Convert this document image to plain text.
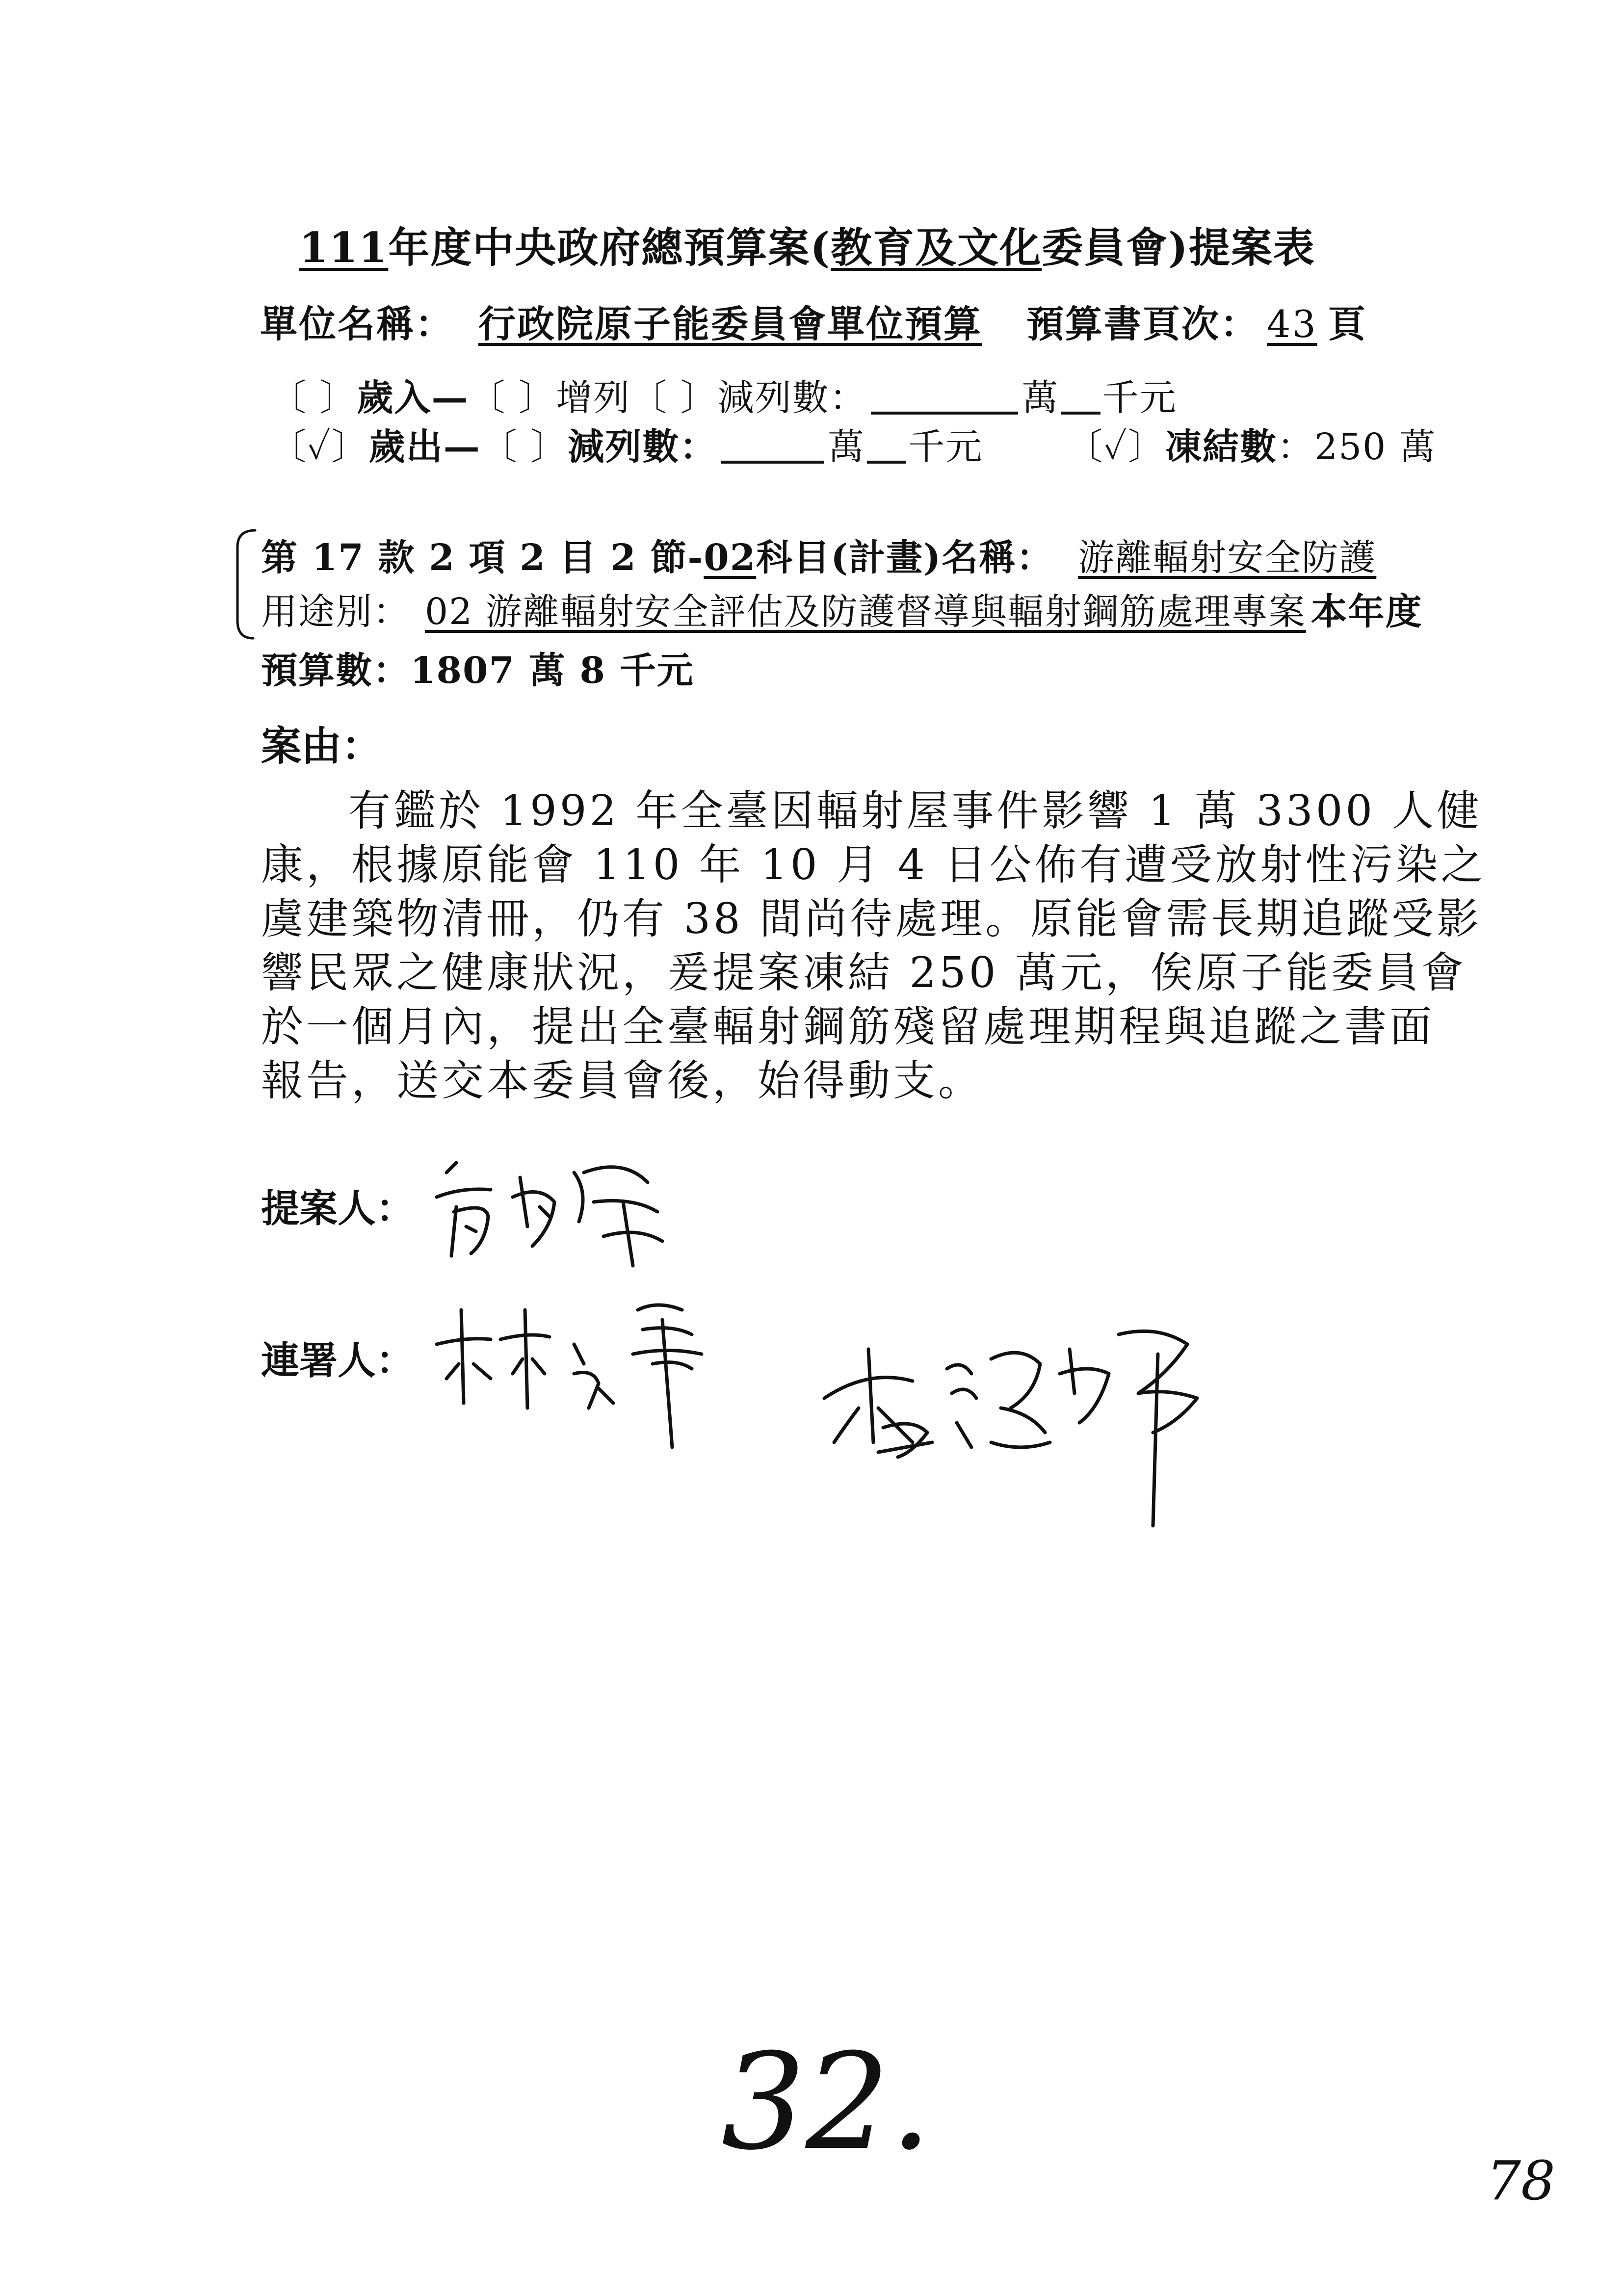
111年度中央政府總預算案(教育及文化委員會)提案表
單位名稱： 行政院原子能委員會單位預算 預算書頁次： 43 頁
〔 〕歲入—〔 〕增列〔 〕減列數：	萬 千元
〔✓〕歲出—〔 〕減列數：	萬 千元 〔✓〕凍結數：250 萬
第 17 款 2 項 2 目 2 節-02科目(計畫)名稱： 游離輻射安全防護
用途別： 02 游離輻射安全評估及防護督導與輻射鋼筋處理專案 本年度
預算數：1807 萬 8 千元
案由：
有鑑於 1992 年全臺因輻射屋事件影響 1 萬 3300 人健
康，根據原能會 110 年 10 月 4 日公佈有遭受放射性污染之
虞建築物清冊，仍有 38 間尚待處理。原能會需長期追蹤受影
響民眾之健康狀況，爰提案凍結 250 萬元，俟原子能委員會
於一個月內，提出全臺輻射鋼筋殘留處理期程與追蹤之書面
報告，送交本委員會後，始得動支。
提案人：
連署人：
32.
78
